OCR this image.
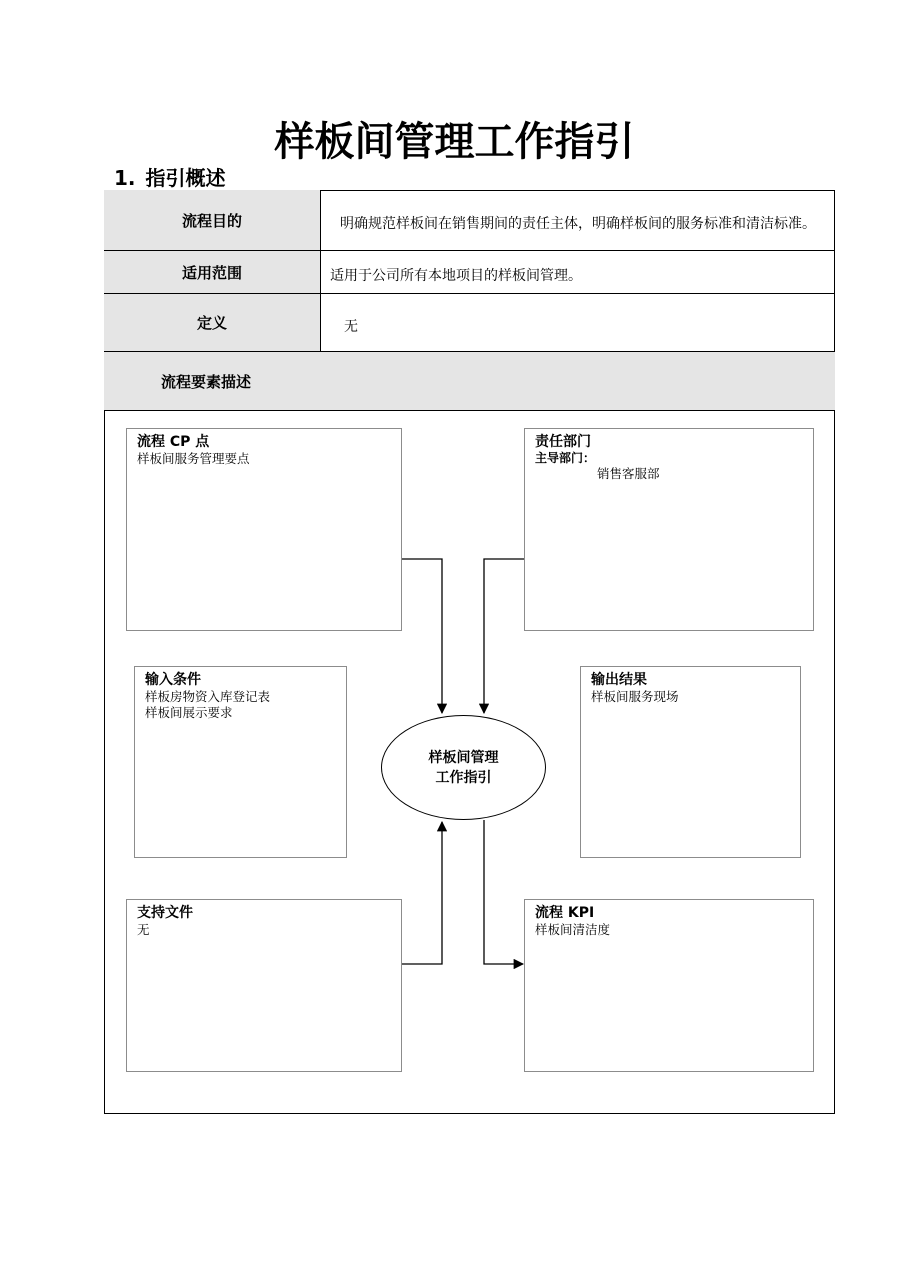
样板间管理工作指引
1. 指引概述
流程目的	明确规范样板间在销售期间的责任主体，明确样板间的服务标准和清洁标准。
适用范围	适用于公司所有本地项目的样板间管理。
定义	无
流程要素描述
流程 CP 点
样板间服务管理要点
责任部门
主导部门：
销售客服部
输入条件
样板房物资入库登记表
样板间展示要求
输出结果
样板间服务现场
样板间管理
工作指引
支持文件
无
流程 KPI
样板间清洁度
